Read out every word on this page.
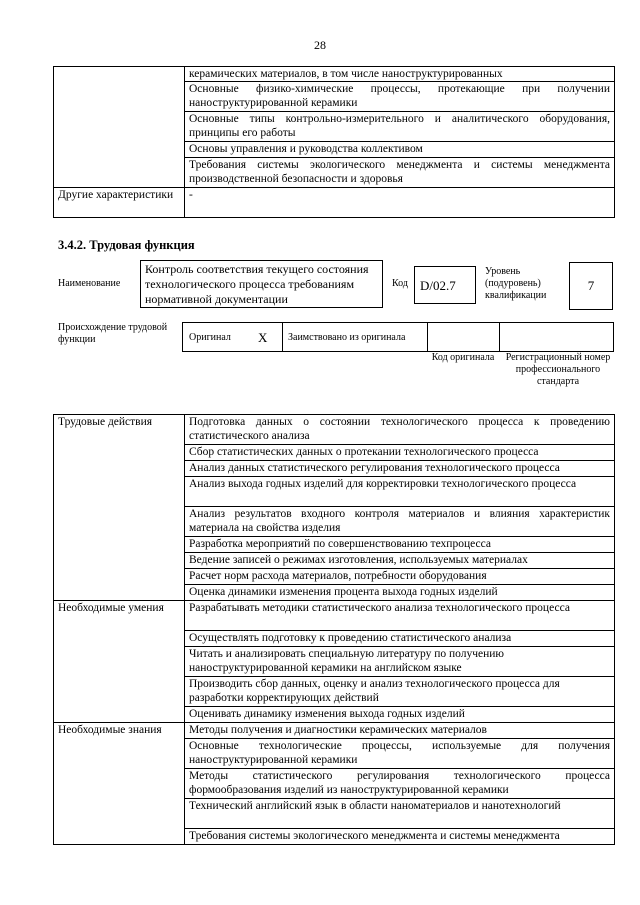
28
	керамических материалов, в том числе наноструктурированных
	Основные физико-химические процессы, протекающие при получении наноструктурированной керамики
	Основные типы контрольно-измерительного и аналитического оборудования, принципы его работы
	Основы управления и руководства коллективом
	Требования системы экологического менеджмента и системы менеджмента производственной безопасности и здоровья
Другие характеристики	-
3.4.2. Трудовая функция
Наименование
Контроль соответствия текущего состояния технологического процесса требованиям нормативной документации
Код D/02.7
Уровень (подуровень) квалификации
7
Происхождение трудовой функции	Оригинал X Заимствовано из оригинала
Код оригинала Регистрационный номер профессионального стандарта
Трудовые действия	Подготовка данных о состоянии технологического процесса к проведению статистического анализа
	Сбор статистических данных о протекании технологического процесса
	Анализ данных статистического регулирования технологического процесса
	Анализ выхода годных изделий для корректировки технологического процесса
	Анализ результатов входного контроля материалов и влияния характеристик материала на свойства изделия
	Разработка мероприятий по совершенствованию техпроцесса
	Ведение записей о режимах изготовления, используемых материалах
	Расчет норм расхода материалов, потребности оборудования
	Оценка динамики изменения процента выхода годных изделий
Необходимые умения	Разрабатывать методики статистического анализа технологического процесса
	Осуществлять подготовку к проведению статистического анализа
	Читать и анализировать специальную литературу по получению наноструктурированной керамики на английском языке
	Производить сбор данных, оценку и анализ технологического процесса для разработки корректирующих действий
	Оценивать динамику изменения выхода годных изделий
Необходимые знания	Методы получения и диагностики керамических материалов
	Основные технологические процессы, используемые для получения наноструктурированной керамики
	Методы статистического регулирования технологического процесса формообразования изделий из наноструктурированной керамики
	Технический английский язык в области наноматериалов и нанотехнологий
	Требования системы экологического менеджмента и системы менеджмента
